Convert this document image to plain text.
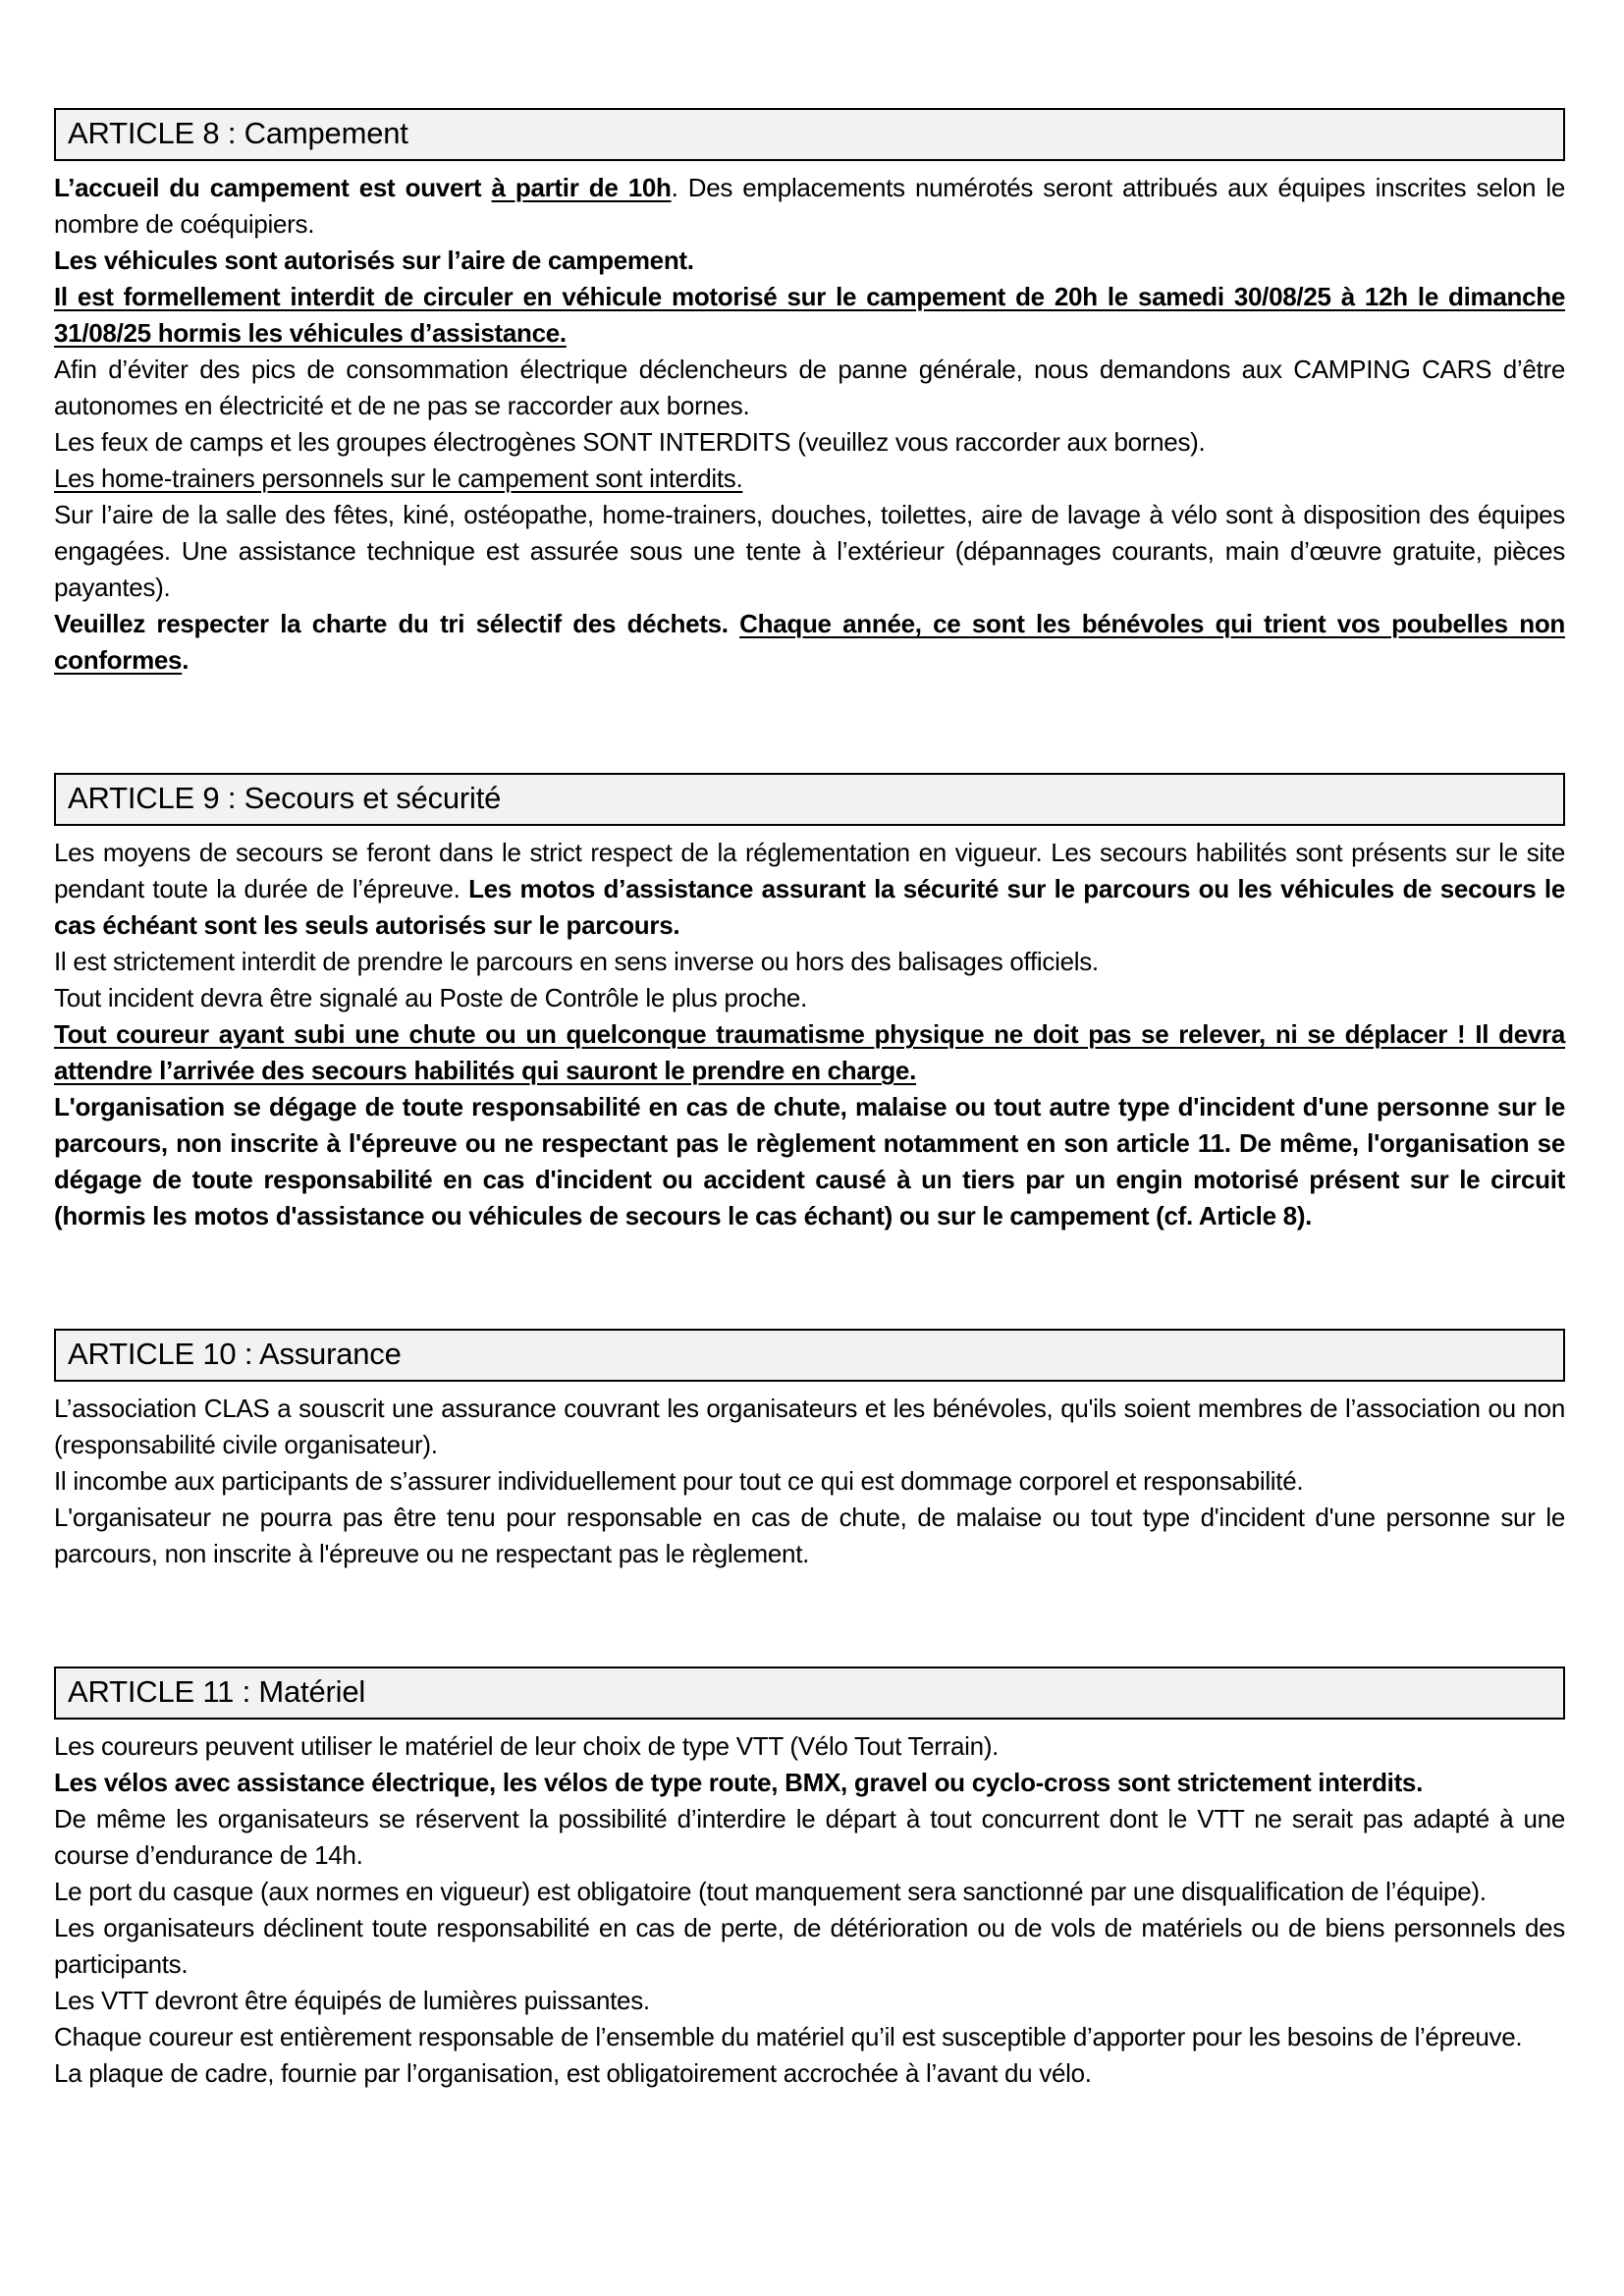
ARTICLE 8 : Campement

L’accueil du campement est ouvert à partir de 10h. Des emplacements numérotés seront attribués aux équipes inscrites selon le nombre de coéquipiers.

Les véhicules sont autorisés sur l’aire de campement.

Il est formellement interdit de circuler en véhicule motorisé sur le campement de 20h le samedi 30/08/25 à 12h le dimanche 31/08/25 hormis les véhicules d’assistance.

Afin d’éviter des pics de consommation électrique déclencheurs de panne générale, nous demandons aux CAMPING CARS d’être autonomes en électricité et de ne pas se raccorder aux bornes.

Les feux de camps et les groupes électrogènes SONT INTERDITS (veuillez vous raccorder aux bornes).

Les home-trainers personnels sur le campement sont interdits.

Sur l’aire de la salle des fêtes, kiné, ostéopathe, home-trainers, douches, toilettes, aire de lavage à vélo sont à disposition des équipes engagées. Une assistance technique est assurée sous une tente à l’extérieur (dépannages courants, main d’œuvre gratuite, pièces payantes).

Veuillez respecter la charte du tri sélectif des déchets. Chaque année, ce sont les bénévoles qui trient vos poubelles non conformes.

ARTICLE 9 : Secours et sécurité

Les moyens de secours se feront dans le strict respect de la réglementation en vigueur. Les secours habilités sont présents sur le site pendant toute la durée de l’épreuve. Les motos d’assistance assurant la sécurité sur le parcours ou les véhicules de secours le cas échéant sont les seuls autorisés sur le parcours.

Il est strictement interdit de prendre le parcours en sens inverse ou hors des balisages officiels.

Tout incident devra être signalé au Poste de Contrôle le plus proche.

Tout coureur ayant subi une chute ou un quelconque traumatisme physique ne doit pas se relever, ni se déplacer ! Il devra attendre l’arrivée des secours habilités qui sauront le prendre en charge.

L'organisation se dégage de toute responsabilité en cas de chute, malaise ou tout autre type d'incident d'une personne sur le parcours, non inscrite à l'épreuve ou ne respectant pas le règlement notamment en son article 11. De même, l'organisation se dégage de toute responsabilité en cas d'incident ou accident causé à un tiers par un engin motorisé présent sur le circuit (hormis les motos d'assistance ou véhicules de secours le cas échant) ou sur le campement (cf. Article 8).

ARTICLE 10 : Assurance

L’association CLAS a souscrit une assurance couvrant les organisateurs et les bénévoles, qu'ils soient membres de l’association ou non (responsabilité civile organisateur).

Il incombe aux participants de s’assurer individuellement pour tout ce qui est dommage corporel et responsabilité.

L'organisateur ne pourra pas être tenu pour responsable en cas de chute, de malaise ou tout type d'incident d'une personne sur le parcours, non inscrite à l'épreuve ou ne respectant pas le règlement.

ARTICLE 11 : Matériel

Les coureurs peuvent utiliser le matériel de leur choix de type VTT (Vélo Tout Terrain).

Les vélos avec assistance électrique, les vélos de type route, BMX, gravel ou cyclo-cross sont strictement interdits.

De même les organisateurs se réservent la possibilité d’interdire le départ à tout concurrent dont le VTT ne serait pas adapté à une course d’endurance de 14h.

Le port du casque (aux normes en vigueur) est obligatoire (tout manquement sera sanctionné par une disqualification de l’équipe).

Les organisateurs déclinent toute responsabilité en cas de perte, de détérioration ou de vols de matériels ou de biens personnels des participants.

Les VTT devront être équipés de lumières puissantes.

Chaque coureur est entièrement responsable de l’ensemble du matériel qu’il est susceptible d’apporter pour les besoins de l’épreuve.

La plaque de cadre, fournie par l’organisation, est obligatoirement accrochée à l’avant du vélo.
